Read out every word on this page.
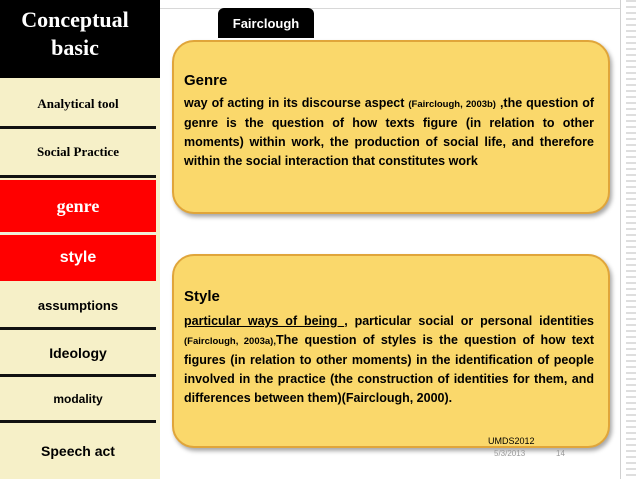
Conceptual
basic
Analytical tool
Social Practice
genre
style
assumptions
Ideology
modality
Speech act
Fairclough
Genre
way of acting in its discourse aspect (Fairclough, 2003b) ,the question of genre is the question of how texts figure (in relation to other moments) within work, the production of social life, and therefore within the social interaction that constitutes work
Style
particular ways of being , particular social or personal identities (Fairclough, 2003a),The question of styles is the question of how text figures (in relation to other moments) in the identification of people involved in the practice (the construction of identities for them, and differences between them)(Fairclough, 2000).
UMDS2012
5/3/2013	14
